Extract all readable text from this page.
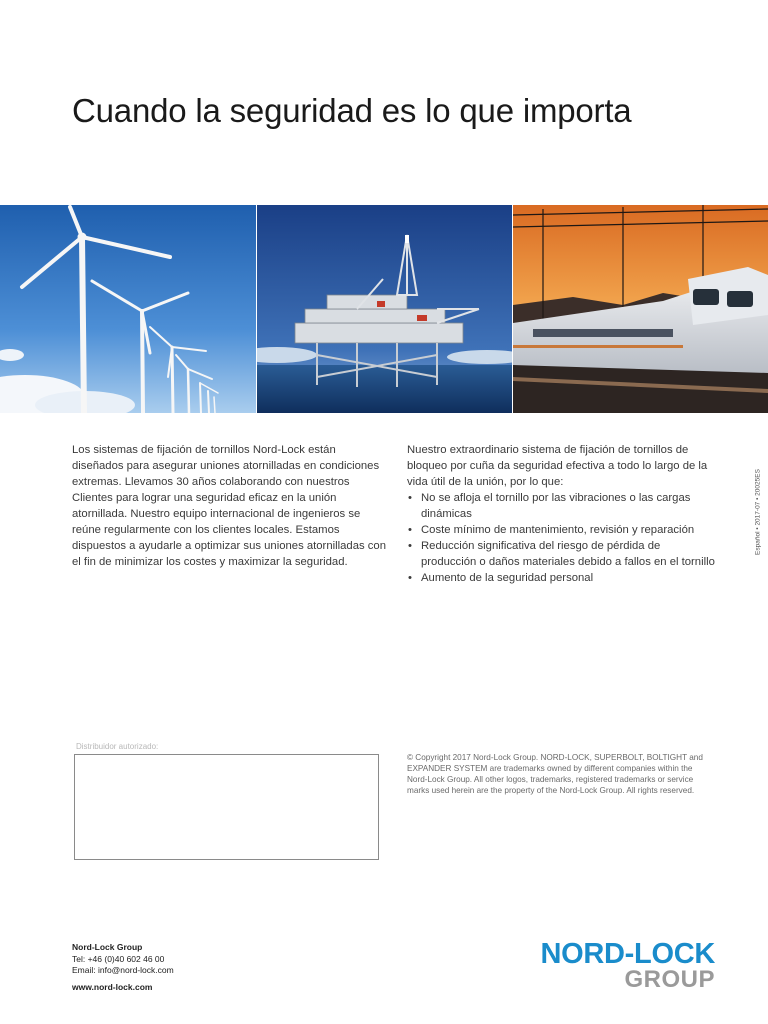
Cuando la seguridad es lo que importa

Los sistemas de fijación de tornillos Nord-Lock están diseñados para asegurar uniones atornilladas en condiciones extremas. Llevamos 30 años colaborando con nuestros Clientes para lograr una seguridad eficaz en la unión atornillada. Nuestro equipo internacional de ingenieros se reúne regularmente con los clientes locales. Estamos dispuestos a ayudarle a optimizar sus uniones atornilladas con el fin de minimizar los costes y maximizar la seguridad.

Nuestro extraordinario sistema de fijación de tornillos de bloqueo por cuña da seguridad efectiva a todo lo largo de la vida útil de la unión, por lo que:

• No se afloja el tornillo por las vibraciones o las cargas dinámicas
• Coste mínimo de mantenimiento, revisión y reparación
• Reducción significativa del riesgo de pérdida de producción o daños materiales debido a fallos en el tornillo
• Aumento de la seguridad personal
Español • 2017-07 • 20025ES
Distribuidor autorizado:

© Copyright 2017 Nord-Lock Group. NORD-LOCK, SUPERBOLT, BOLTIGHT and EXPANDER SYSTEM are trademarks owned by different companies within the Nord-Lock Group. All other logos, trademarks, registered trademarks or service marks used herein are the property of the Nord-Lock Group. All rights reserved.

Nord-Lock Group
Tel: +46 (0)40 602 46 00
Email: info@nord-lock.com
www.nord-lock.com
NORD-LOCK
GROUP
